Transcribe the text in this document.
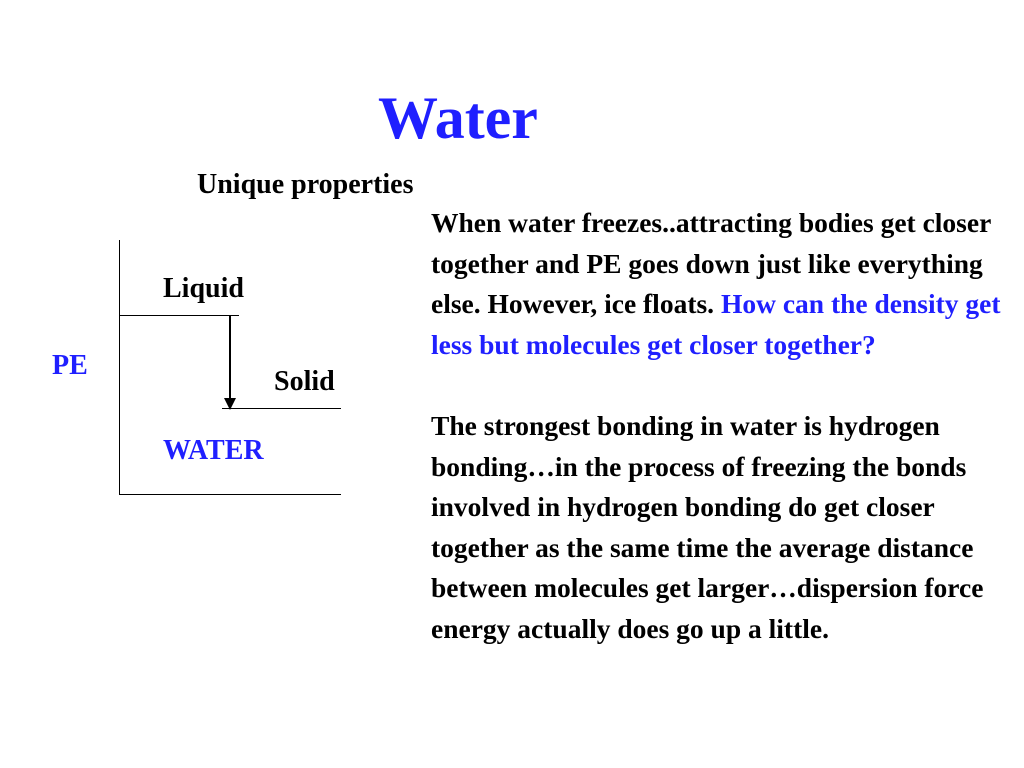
Water
Unique properties
PE
Liquid
Solid
WATER

When water freezes..attracting bodies get closer together and PE goes down just like everything else. However, ice floats. How can the density get less but molecules get closer together?

The strongest bonding in water is hydrogen bonding…in the process of freezing the bonds involved in hydrogen bonding do get closer together as the same time the average distance between molecules get larger…dispersion force energy actually does go up a little.
